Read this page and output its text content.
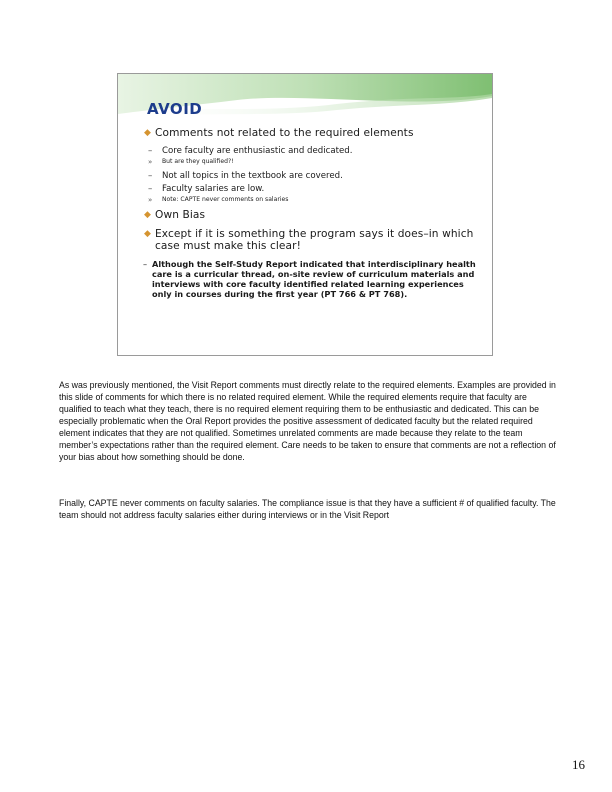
AVOID
◆ Comments not related to the required elements
– Core faculty are enthusiastic and dedicated.
» But are they qualified?!
– Not all topics in the textbook are covered.
– Faculty salaries are low.
» Note: CAPTE never comments on salaries
◆ Own Bias
◆ Except if it is something the program says it does–in which case must make this clear!
– Although the Self-Study Report indicated that interdisciplinary health care is a curricular thread, on-site review of curriculum materials and interviews with core faculty identified related learning experiences only in courses during the first year (PT 766 & PT 768).

As was previously mentioned, the Visit Report comments must directly relate to the required elements. Examples are provided in this slide of comments for which there is no related required element. While the required elements require that faculty are qualified to teach what they teach, there is no required element requiring them to be enthusiastic and dedicated. This can be especially problematic when the Oral Report provides the positive assessment of dedicated faculty but the related required element indicates that they are not qualified. Sometimes unrelated comments are made because they relate to the team member’s expectations rather than the required element. Care needs to be taken to ensure that comments are not a reflection of your bias about how something should be done.

Finally, CAPTE never comments on faculty salaries. The compliance issue is that they have a sufficient # of qualified faculty. The team should not address faculty salaries either during interviews or in the Visit Report

16
